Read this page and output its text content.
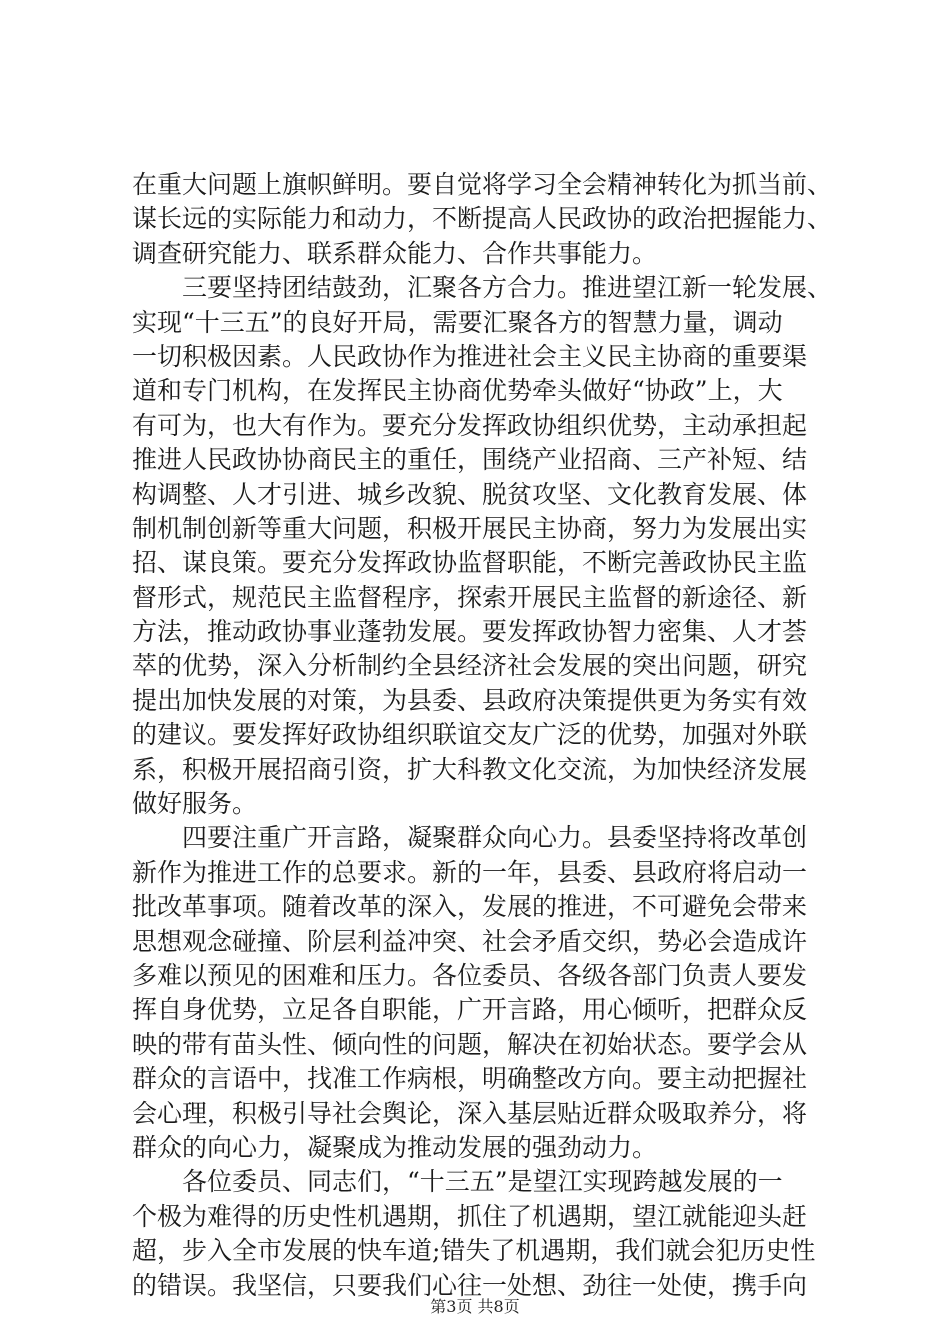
在重大问题上旗帜鲜明。要自觉将学习全会精神转化为抓当前、
谋长远的实际能力和动力，不断提高人民政协的政治把握能力、
调查研究能力、联系群众能力、合作共事能力。
三要坚持团结鼓劲，汇聚各方合力。推进望江新一轮发展、
实现“十三五”的良好开局，需要汇聚各方的智慧力量，调动
一切积极因素。人民政协作为推进社会主义民主协商的重要渠
道和专门机构，在发挥民主协商优势牵头做好“协政”上，大
有可为，也大有作为。要充分发挥政协组织优势，主动承担起
推进人民政协协商民主的重任，围绕产业招商、三产补短、结
构调整、人才引进、城乡改貌、脱贫攻坚、文化教育发展、体
制机制创新等重大问题，积极开展民主协商，努力为发展出实
招、谋良策。要充分发挥政协监督职能，不断完善政协民主监
督形式，规范民主监督程序，探索开展民主监督的新途径、新
方法，推动政协事业蓬勃发展。要发挥政协智力密集、人才荟
萃的优势，深入分析制约全县经济社会发展的突出问题，研究
提出加快发展的对策，为县委、县政府决策提供更为务实有效
的建议。要发挥好政协组织联谊交友广泛的优势，加强对外联
系，积极开展招商引资，扩大科教文化交流，为加快经济发展
做好服务。
四要注重广开言路，凝聚群众向心力。县委坚持将改革创
新作为推进工作的总要求。新的一年，县委、县政府将启动一
批改革事项。随着改革的深入，发展的推进，不可避免会带来
思想观念碰撞、阶层利益冲突、社会矛盾交织，势必会造成许
多难以预见的困难和压力。各位委员、各级各部门负责人要发
挥自身优势，立足各自职能，广开言路，用心倾听，把群众反
映的带有苗头性、倾向性的问题，解决在初始状态。要学会从
群众的言语中，找准工作病根，明确整改方向。要主动把握社
会心理，积极引导社会舆论，深入基层贴近群众吸取养分，将
群众的向心力，凝聚成为推动发展的强劲动力。
各位委员、同志们，“十三五”是望江实现跨越发展的一
个极为难得的历史性机遇期，抓住了机遇期，望江就能迎头赶
超，步入全市发展的快车道;错失了机遇期，我们就会犯历史性
的错误。我坚信，只要我们心往一处想、劲往一处使，携手向
第3页 共8页
